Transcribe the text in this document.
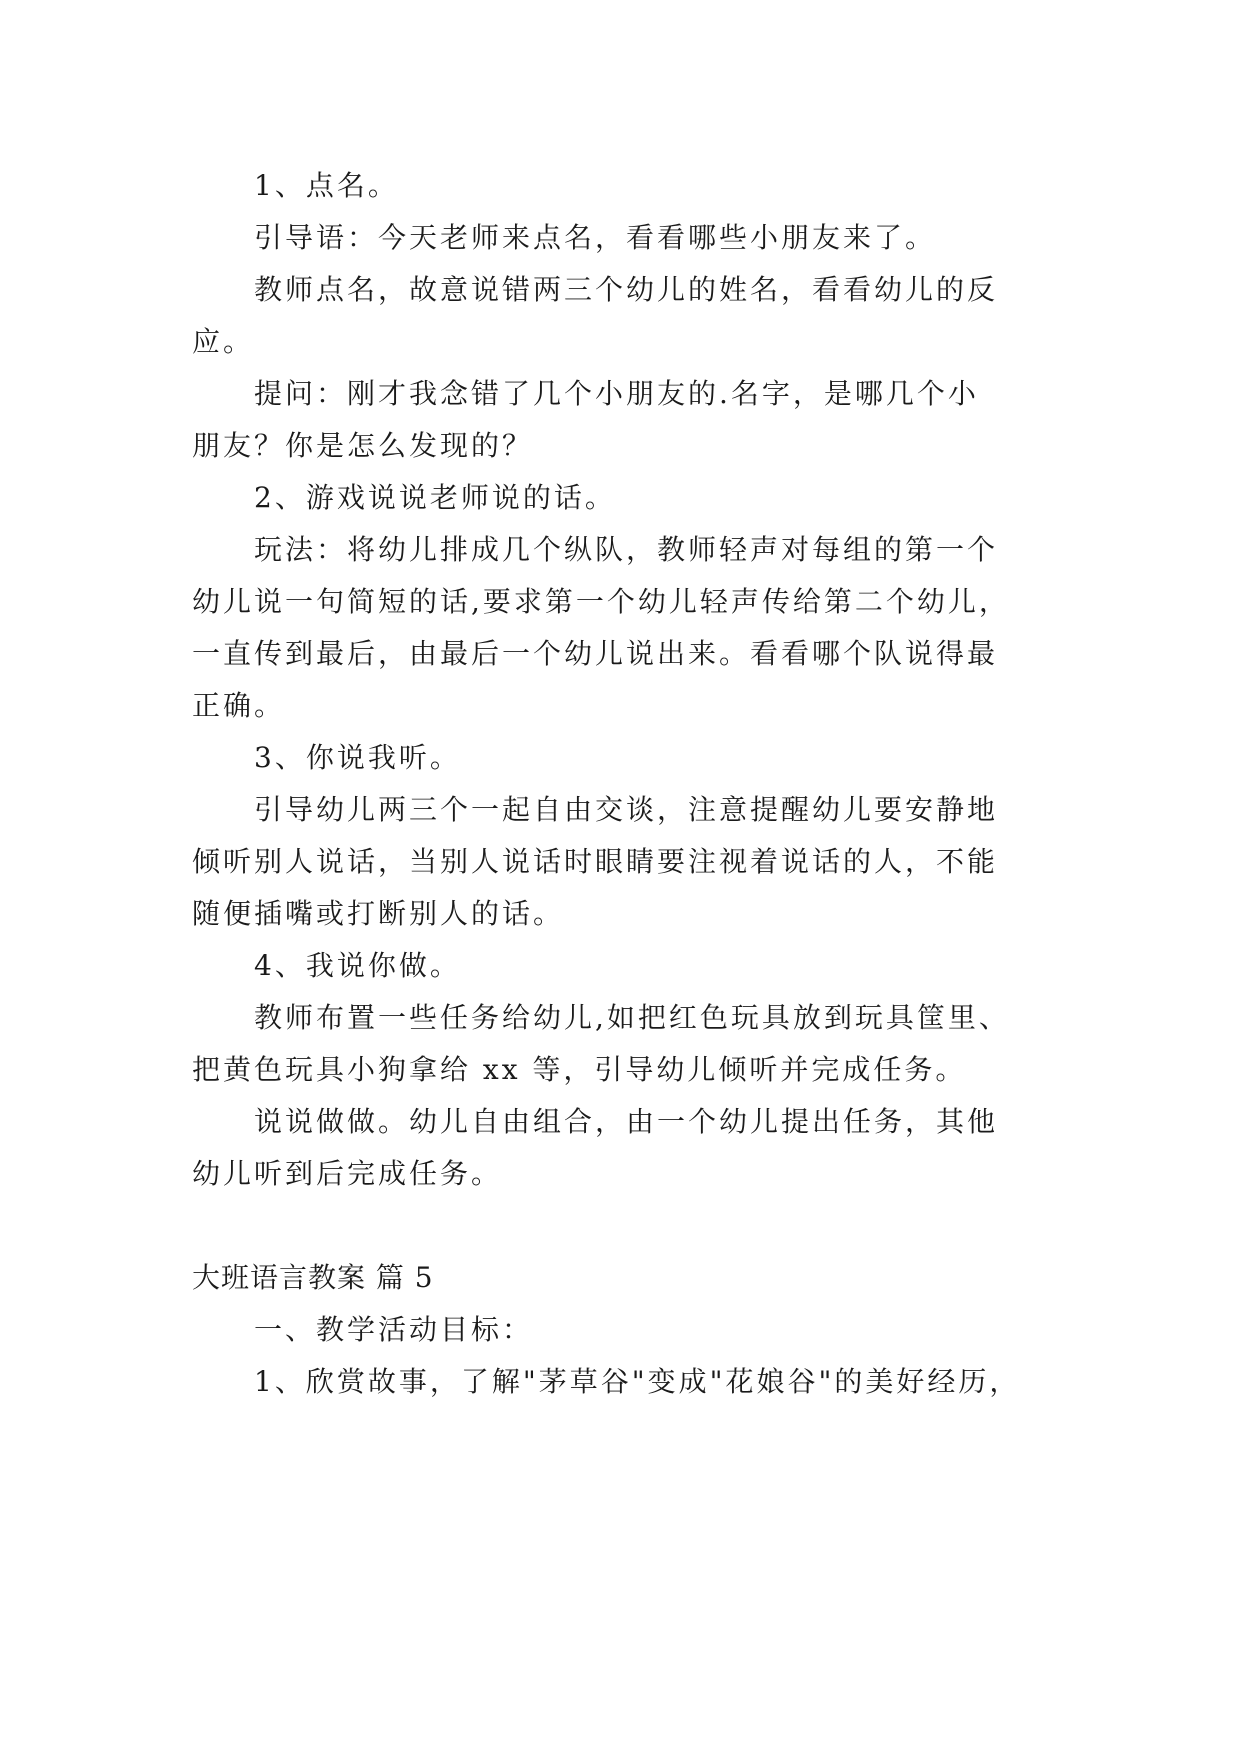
1、点名。
引导语：今天老师来点名，看看哪些小朋友来了。
教师点名，故意说错两三个幼儿的姓名，看看幼儿的反
应。
提问：刚才我念错了几个小朋友的.名字，是哪几个小
朋友？你是怎么发现的？
2、游戏说说老师说的话。
玩法：将幼儿排成几个纵队，教师轻声对每组的第一个
幼儿说一句简短的话,要求第一个幼儿轻声传给第二个幼儿，
一直传到最后，由最后一个幼儿说出来。看看哪个队说得最
正确。
3、你说我听。
引导幼儿两三个一起自由交谈，注意提醒幼儿要安静地
倾听别人说话，当别人说话时眼睛要注视着说话的人，不能
随便插嘴或打断别人的话。
4、我说你做。
教师布置一些任务给幼儿,如把红色玩具放到玩具筐里、
把黄色玩具小狗拿给 xx 等，引导幼儿倾听并完成任务。
说说做做。幼儿自由组合，由一个幼儿提出任务，其他
幼儿听到后完成任务。
大班语言教案 篇 5
一、教学活动目标：
1、欣赏故事，了解"茅草谷"变成"花娘谷"的美好经历，
